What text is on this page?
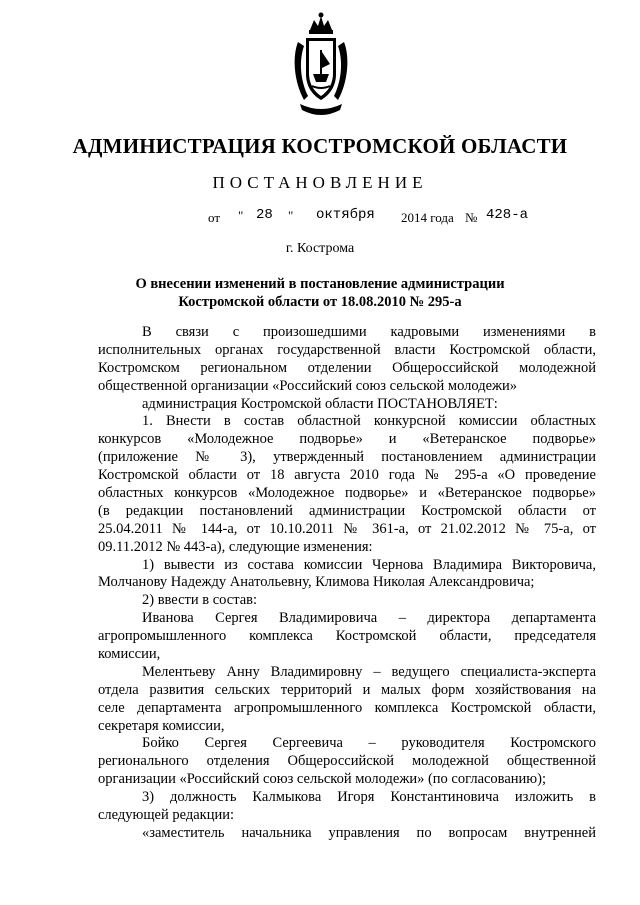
АДМИНИСТРАЦИЯ КОСТРОМСКОЙ ОБЛАСТИ
ПОСТАНОВЛЕНИЕ
от " 28 " октября 2014 года № 428-а
г. Кострома
О внесении изменений в постановление администрации
Костромской области от 18.08.2010 № 295-а
В связи с произошедшими кадровыми изменениями в
исполнительных органах государственной власти Костромской области,
Костромском региональном отделении Общероссийской молодежной
общественной организации «Российский союз сельской молодежи»
администрация Костромской области ПОСТАНОВЛЯЕТ:
1. Внести в состав областной конкурсной комиссии областных
конкурсов «Молодежное подворье» и «Ветеранское подворье»
(приложение № 3), утвержденный постановлением администрации
Костромской области от 18 августа 2010 года № 295-а «О проведение
областных конкурсов «Молодежное подворье» и «Ветеранское подворье»
(в редакции постановлений администрации Костромской области от
25.04.2011 № 144-а, от 10.10.2011 № 361-а, от 21.02.2012 № 75-а, от
09.11.2012 № 443-а), следующие изменения:
1) вывести из состава комиссии Чернова Владимира Викторовича,
Молчанову Надежду Анатольевну, Климова Николая Александровича;
2) ввести в состав:
Иванова Сергея Владимировича – директора департамента
агропромышленного комплекса Костромской области, председателя
комиссии,
Мелентьеву Анну Владимировну – ведущего специалиста-эксперта
отдела развития сельских территорий и малых форм хозяйствования на
селе департамента агропромышленного комплекса Костромской области,
секретаря комиссии,
Бойко Сергея Сергеевича – руководителя Костромского
регионального отделения Общероссийской молодежной общественной
организации «Российский союз сельской молодежи» (по согласованию);
3) должность Калмыкова Игоря Константиновича изложить в
следующей редакции:
«заместитель начальника управления по вопросам внутренней
